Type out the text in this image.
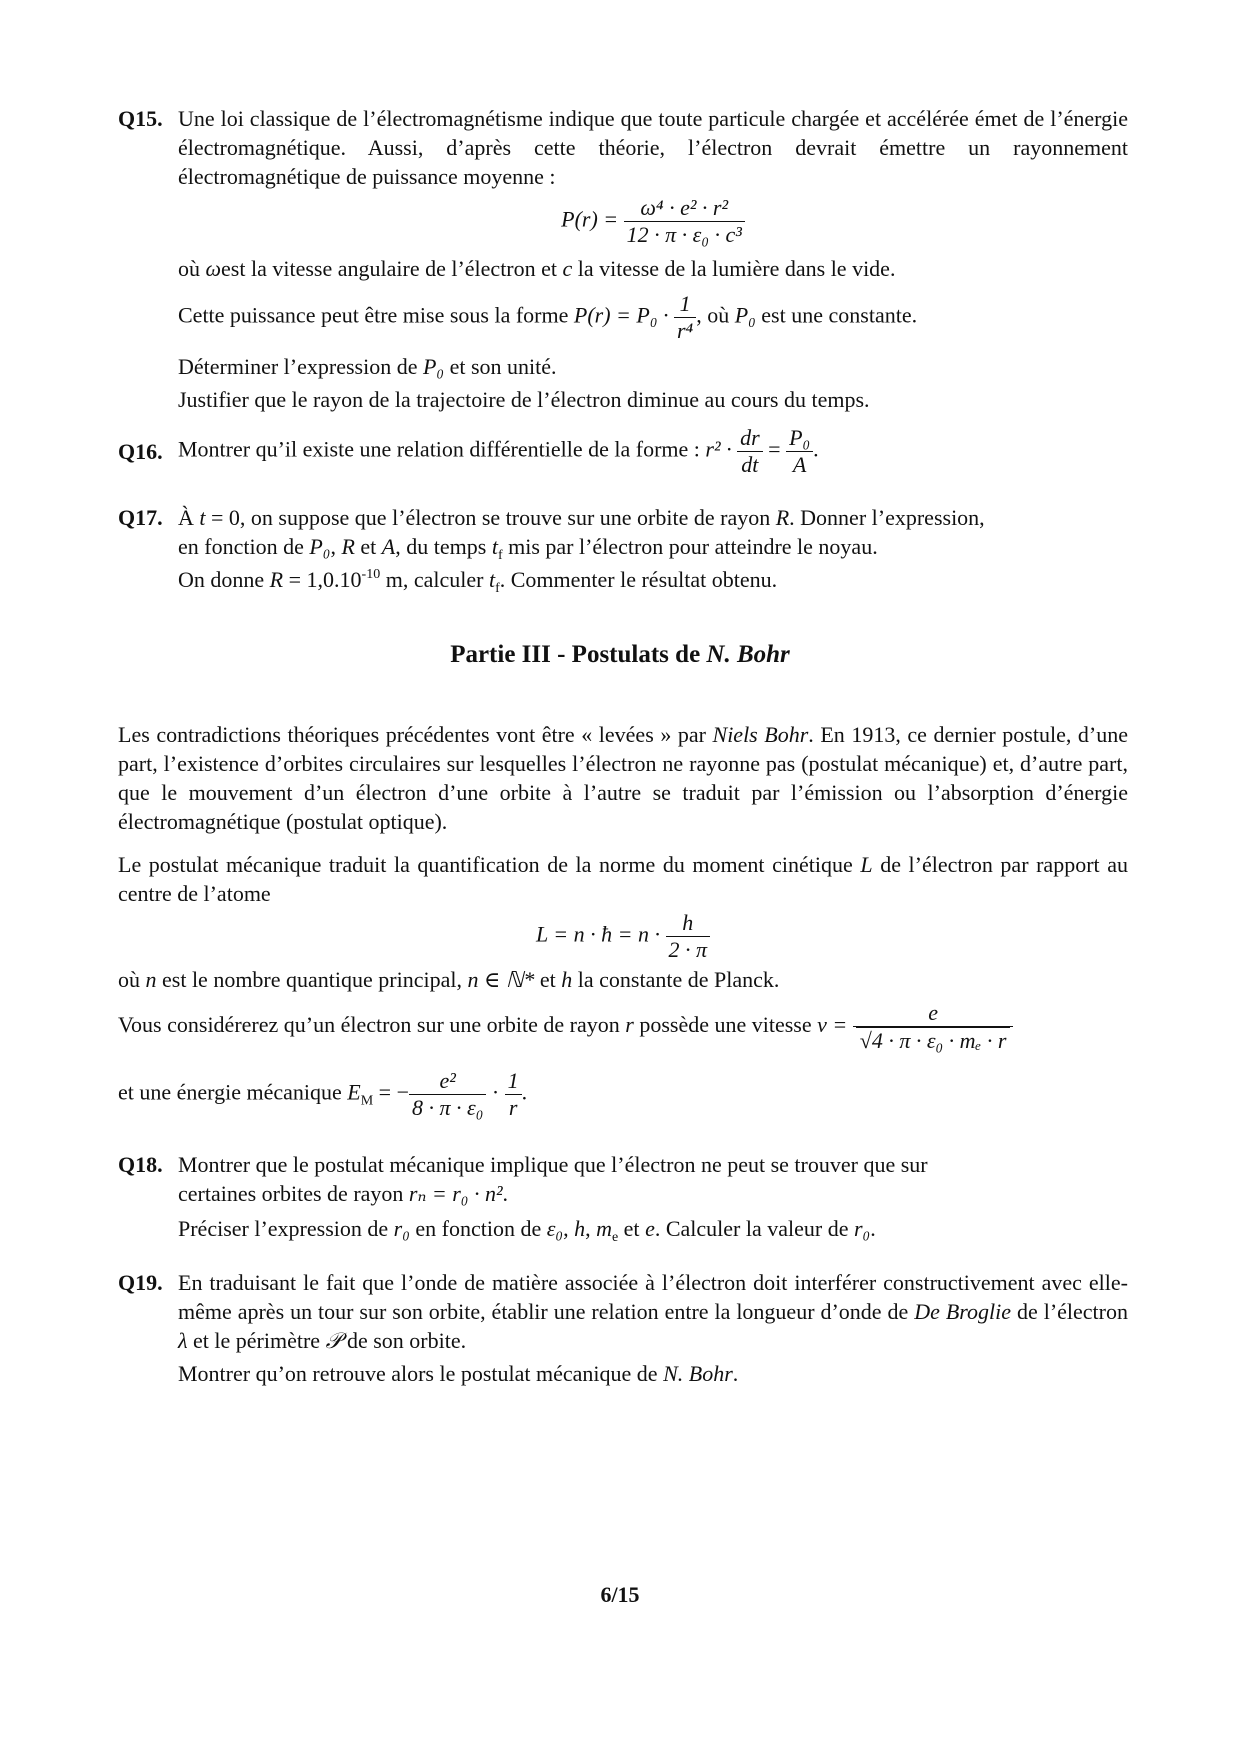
Q15. Une loi classique de l’électromagnétisme indique que toute particule chargée et accélérée émet de l’énergie électromagnétique. Aussi, d’après cette théorie, l’électron devrait émettre un rayonnement électromagnétique de puissance moyenne :

$P(r) = \frac{\text{ω⁴ · e² · r²}}{\text{12 · π · ε₀ · c³}}$

où ωest la vitesse angulaire de l’électron et c la vitesse de la lumière dans le vide.

Cette puissance peut être mise sous la forme $P(r) = P_0 \cdot \frac{1}{\text{r⁴}}$ , où P₀ est une constante.

Déterminer l’expression de P₀ et son unité.

Justifier que le rayon de la trajectoire de l’électron diminue au cours du temps.

Q16. Montrer qu’il existe une relation différentielle de la forme : $r^2 \cdot \frac{dr}{dt} = \frac{\text{P₀}}{A}$ .

Q17. À t = 0, on suppose que l’électron se trouve sur une orbite de rayon R. Donner l’expression,

en fonction de P₀, R et A, du temps $t_f$ mis par l’électron pour atteindre le noyau.

On donne $R = 1,0.10^{-10}$ m, calculer $t_f$. Commenter le résultat obtenu.

Partie III - Postulats de N. Bohr

Les contradictions théoriques précédentes vont être « levées » par Niels Bohr. En 1913, ce dernier postule, d’une part, l’existence d’orbites circulaires sur lesquelles l’électron ne rayonne pas (postulat mécanique) et, d’autre part, que le mouvement d’un électron d’une orbite à l’autre se traduit par l’émission ou l’absorption d’énergie électromagnétique (postulat optique).

Le postulat mécanique traduit la quantification de la norme du moment cinétique L de l’électron par rapport au centre de l’atome

L = n · ħ = $n \cdot \frac{h}{2 \cdot \pi}$

où n est le nombre quantique principal, n ∈ ℕ* et h la constante de Planck.

Vous considérerez qu’un électron sur une orbite de rayon r possède une vitesse $v = \frac{e}{\text{√4 · π · ε₀ · mₑ · r}}$

et une énergie mécanique $E_M$ = − $\frac{\text{e²}}{\text{8 · π · ε₀}} \cdot \frac{1}{r}$ .

Q18. Montrer que le postulat mécanique implique que l’électron ne peut se trouver que sur

certaines orbites de rayon rₙ = r₀ · n².

Préciser l’expression de r₀ en fonction de ε₀, h, $m_e$ et e. Calculer la valeur de r₀.

Q19. En traduisant le fait que l’onde de matière associée à l’électron doit interférer constructivement avec elle-même après un tour sur son orbite, établir une relation entre la longueur d’onde de De Broglie de l’électron λ et le périmètre 𝒫 de son orbite.

Montrer qu’on retrouve alors le postulat mécanique de N. Bohr.

6/15
